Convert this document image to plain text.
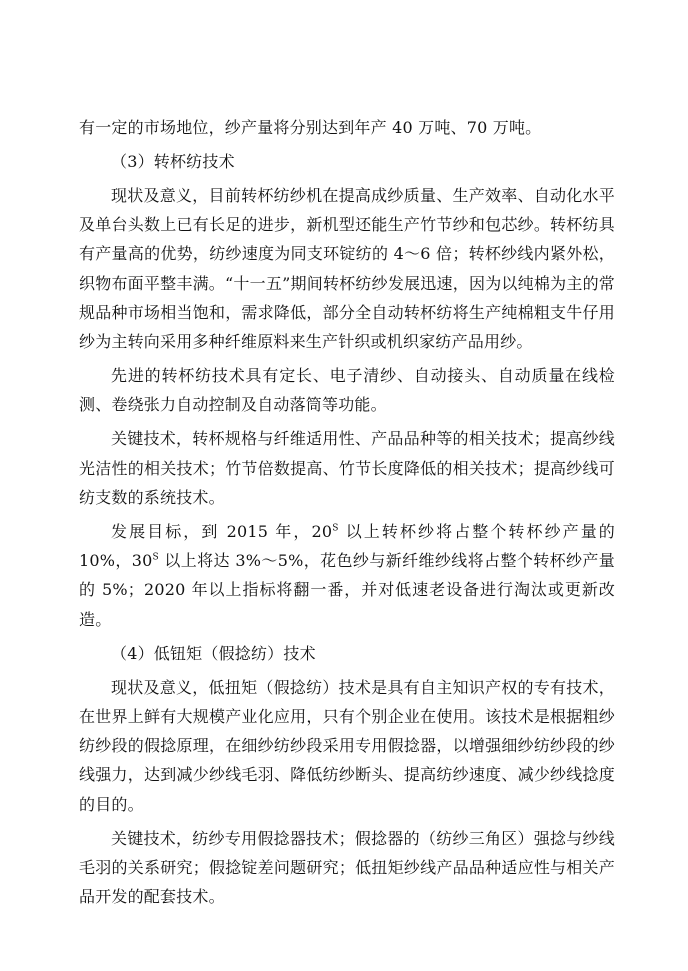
有一定的市场地位，纱产量将分别达到年产 40 万吨、70 万吨。

（3）转杯纺技术

现状及意义，目前转杯纺纱机在提高成纱质量、生产效率、自动化水平及单台头数上已有长足的进步，新机型还能生产竹节纱和包芯纱。转杯纺具有产量高的优势，纺纱速度为同支环锭纺的 4～6 倍；转杯纱线内紧外松，织物布面平整丰满。“十一五”期间转杯纺纱发展迅速，因为以纯棉为主的常规品种市场相当饱和，需求降低，部分全自动转杯纺将生产纯棉粗支牛仔用纱为主转向采用多种纤维原料来生产针织或机织家纺产品用纱。

先进的转杯纺技术具有定长、电子清纱、自动接头、自动质量在线检测、卷绕张力自动控制及自动落筒等功能。

关键技术，转杯规格与纤维适用性、产品品种等的相关技术；提高纱线光洁性的相关技术；竹节倍数提高、竹节长度降低的相关技术；提高纱线可纺支数的系统技术。

发展目标，到 2015 年，$20^S$ 以上转杯纱将占整个转杯纱产量的 10%，$30^S$ 以上将达 3%～5%，花色纱与新纤维纱线将占整个转杯纱产量的 5%；2020 年以上指标将翻一番，并对低速老设备进行淘汰或更新改造。

（4）低钮矩（假捻纺）技术

现状及意义，低扭矩（假捻纺）技术是具有自主知识产权的专有技术，在世界上鲜有大规模产业化应用，只有个别企业在使用。该技术是根据粗纱纺纱段的假捻原理，在细纱纺纱段采用专用假捻器，以增强细纱纺纱段的纱线强力，达到减少纱线毛羽、降低纺纱断头、提高纺纱速度、减少纱线捻度的目的。

关键技术，纺纱专用假捻器技术；假捻器的（纺纱三角区）强捻与纱线毛羽的关系研究；假捻锭差问题研究；低扭矩纱线产品品种适应性与相关产品开发的配套技术。
